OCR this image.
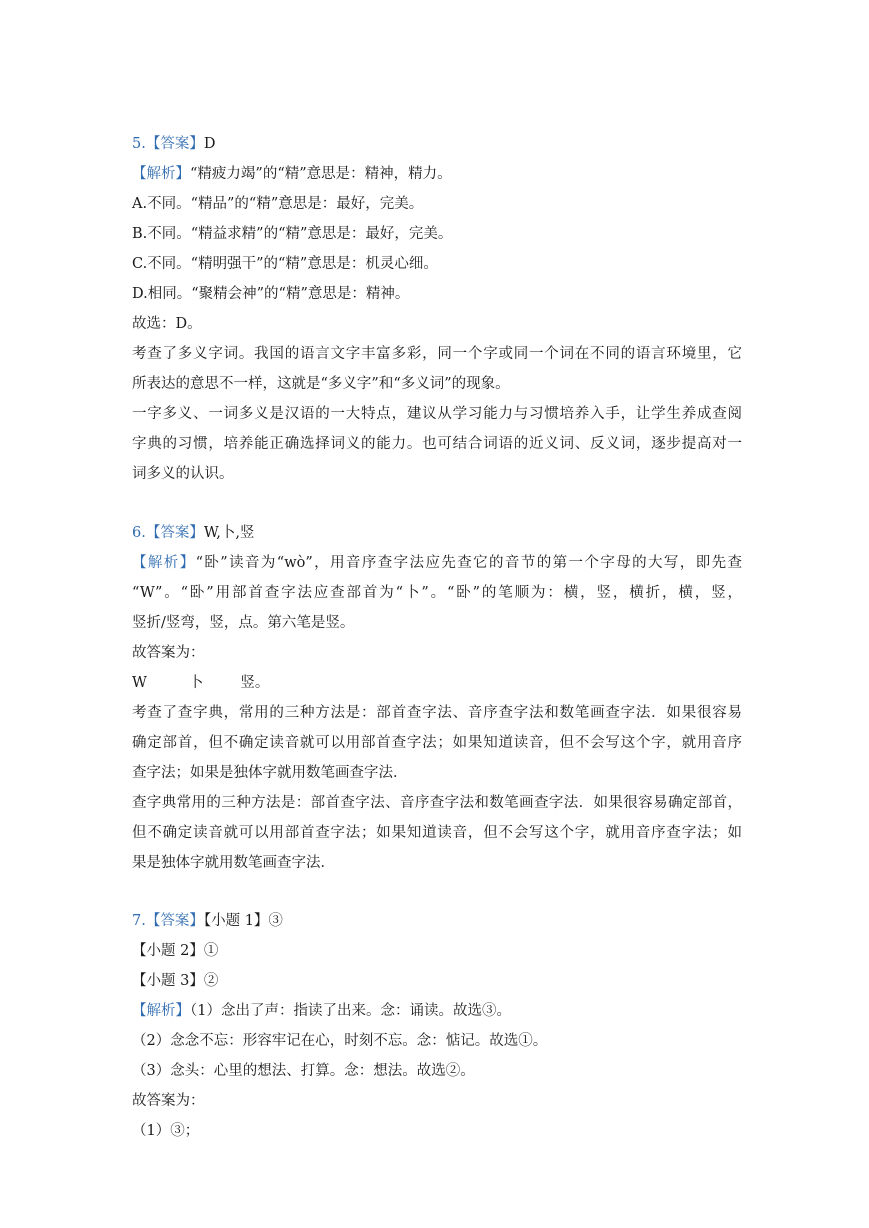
5.【答案】D
【解析】“精疲力竭”的“精”意思是：精神，精力。
A.不同。“精品”的“精”意思是：最好，完美。
B.不同。“精益求精”的“精”意思是：最好，完美。
C.不同。“精明强干”的“精”意思是：机灵心细。
D.相同。“聚精会神”的“精”意思是：精神。
故选：D。
考查了多义字词。我国的语言文字丰富多彩，同一个字或同一个词在不同的语言环境里，它
所表达的意思不一样，这就是“多义字”和“多义词”的现象。
一字多义、一词多义是汉语的一大特点，建议从学习能力与习惯培养入手，让学生养成查阅
字典的习惯，培养能正确选择词义的能力。也可结合词语的近义词、反义词，逐步提高对一
词多义的认识。
6.【答案】W,卜,竖
【解析】“卧”读音为“wò”，用音序查字法应先查它的音节的第一个字母的大写，即先查
“W”。“卧”用部首查字法应查部首为“卜”。“卧”的笔顺为：横，竖，横折，横，竖，
竖折/竖弯，竖，点。第六笔是竖。
故答案为：
W	卜	竖。
考查了查字典，常用的三种方法是：部首查字法、音序查字法和数笔画查字法．如果很容易
确定部首，但不确定读音就可以用部首查字法；如果知道读音，但不会写这个字，就用音序
查字法；如果是独体字就用数笔画查字法．
查字典常用的三种方法是：部首查字法、音序查字法和数笔画查字法．如果很容易确定部首，
但不确定读音就可以用部首查字法；如果知道读音，但不会写这个字，就用音序查字法；如
果是独体字就用数笔画查字法．
7.【答案】【小题 1】③
【小题 2】①
【小题 3】②
【解析】（1）念出了声：指读了出来。念：诵读。故选③。
（2）念念不忘：形容牢记在心，时刻不忘。念：惦记。故选①。
（3）念头：心里的想法、打算。念：想法。故选②。
故答案为：
（1）③；
